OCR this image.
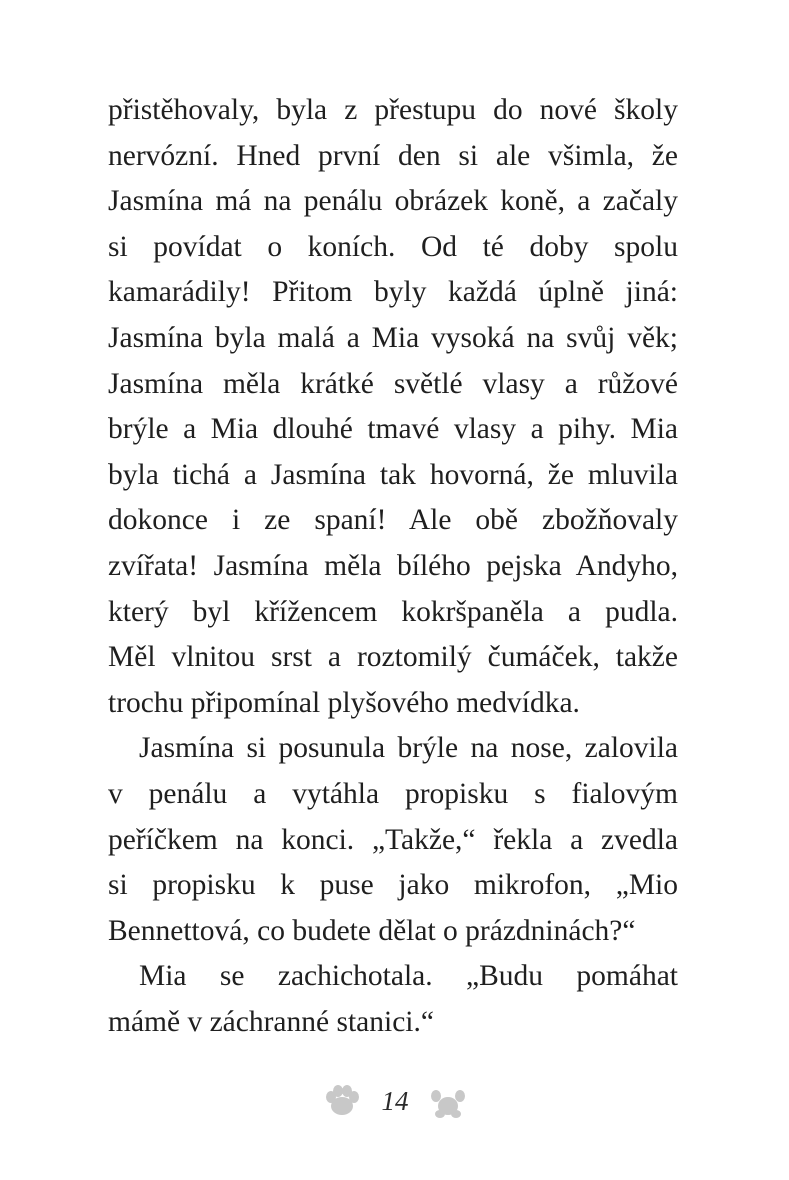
přistěhovaly, byla z přestupu do nové školy
nervózní. Hned první den si ale všimla, že
Jasmína má na penálu obrázek koně, a začaly
si povídat o koních. Od té doby spolu
kamarádily! Přitom byly každá úplně jiná:
Jasmína byla malá a Mia vysoká na svůj věk;
Jasmína měla krátké světlé vlasy a růžové
brýle a Mia dlouhé tmavé vlasy a pihy. Mia
byla tichá a Jasmína tak hovorná, že mluvila
dokonce i ze spaní! Ale obě zbožňovaly
zvířata! Jasmína měla bílého pejska Andyho,
který byl křížencem kokršpaněla a pudla.
Měl vlnitou srst a roztomilý čumáček, takže
trochu připomínal plyšového medvídka.
Jasmína si posunula brýle na nose, zalovila
v penálu a vytáhla propisku s fialovým
peříčkem na konci. „Takže,“ řekla a zvedla
si propisku k puse jako mikrofon, „Mio
Bennettová, co budete dělat o prázdninách?“
Mia se zachichotala. „Budu pomáhat
mámě v záchranné stanici.“
14
